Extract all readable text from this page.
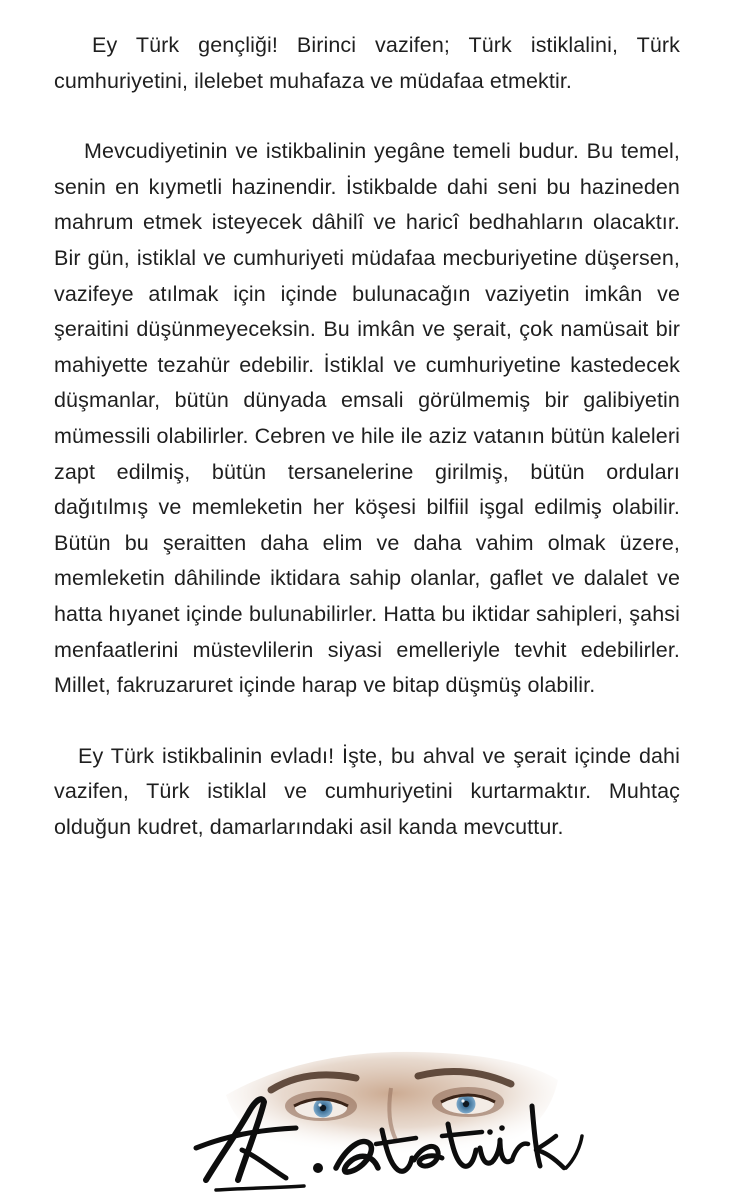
Ey Türk gençliği! Birinci vazifen; Türk istiklalini, Türk cumhuriyetini, ilelebet muhafaza ve müdafaa etmektir.

Mevcudiyetinin ve istikbalinin yegâne temeli budur. Bu temel, senin en kıymetli hazinendir. İstikbalde dahi seni bu hazineden mahrum etmek isteyecek dâhilî ve haricî bedhahların olacaktır. Bir gün, istiklal ve cumhuriyeti müdafaa mecburiyetine düşersen, vazifeye atılmak için içinde bulunacağın vaziyetin imkân ve şeraitini düşünmeyeceksin. Bu imkân ve şerait, çok namüsait bir mahiyette tezahür edebilir. İstiklal ve cumhuriyetine kastedecek düşmanlar, bütün dünyada emsali görülmemiş bir galibiyetin mümessili olabilirler. Cebren ve hile ile aziz vatanın bütün kaleleri zapt edilmiş, bütün tersanelerine girilmiş, bütün orduları dağıtılmış ve memleketin her köşesi bilfiil işgal edilmiş olabilir. Bütün bu şeraitten daha elim ve daha vahim olmak üzere, memleketin dâhilinde iktidara sahip olanlar, gaflet ve dalalet ve hatta hıyanet içinde bulunabilirler. Hatta bu iktidar sahipleri, şahsi menfaatlerini müstevlilerin siyasi emelleriyle tevhit edebilirler. Millet, fakruzaruret içinde harap ve bitap düşmüş olabilir.

Ey Türk istikbalinin evladı! İşte, bu ahval ve şerait içinde dahi vazifen, Türk istiklal ve cumhuriyetini kurtarmaktır. Muhtaç olduğun kudret, damarlarındaki asil kanda mevcuttur.
